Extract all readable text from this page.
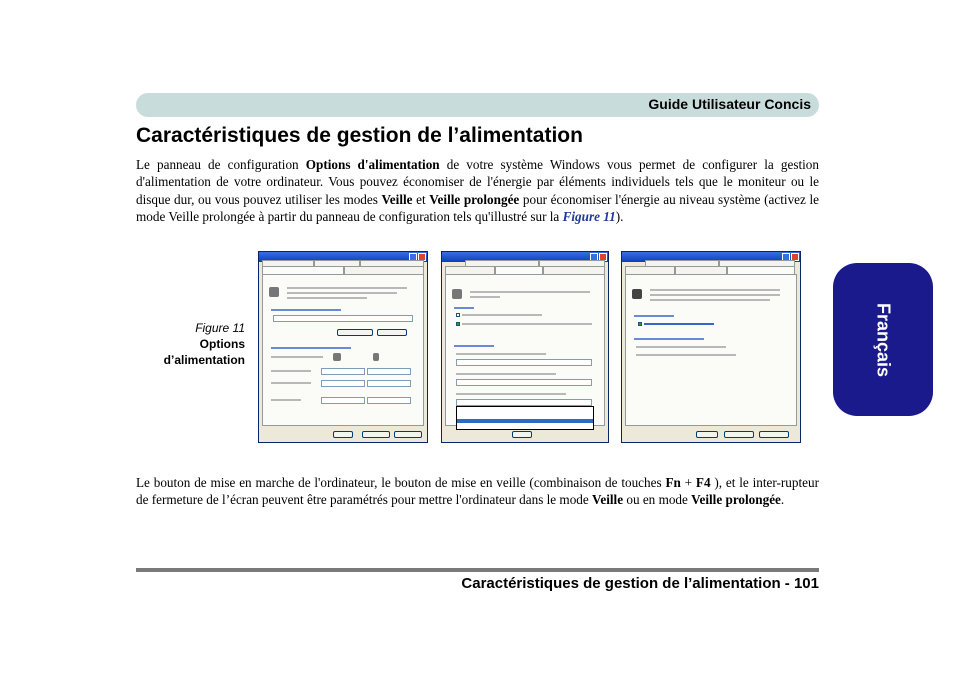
Guide Utilisateur Concis
Caractéristiques de gestion de l’alimentation

Le panneau de configuration Options d'alimentation de votre système Windows vous permet de configurer la gestion d'alimentation de votre ordinateur. Vous pouvez économiser de l'énergie par éléments individuels tels que le moniteur ou le disque dur, ou vous pouvez utiliser les modes Veille et Veille prolongée pour économiser l'énergie au niveau système (activez le mode Veille prolongée à partir du panneau de configuration tels qu'illustré sur la Figure 11).

Figure 11
Options
d’alimentation	Français

Le bouton de mise en marche de l'ordinateur, le bouton de mise en veille (combinaison de touches Fn + F4 ), et le inter-rupteur de fermeture de l’écran peuvent être paramétrés pour mettre l'ordinateur dans le mode Veille ou en mode Veille prolongée.

Caractéristiques de gestion de l’alimentation - 101
